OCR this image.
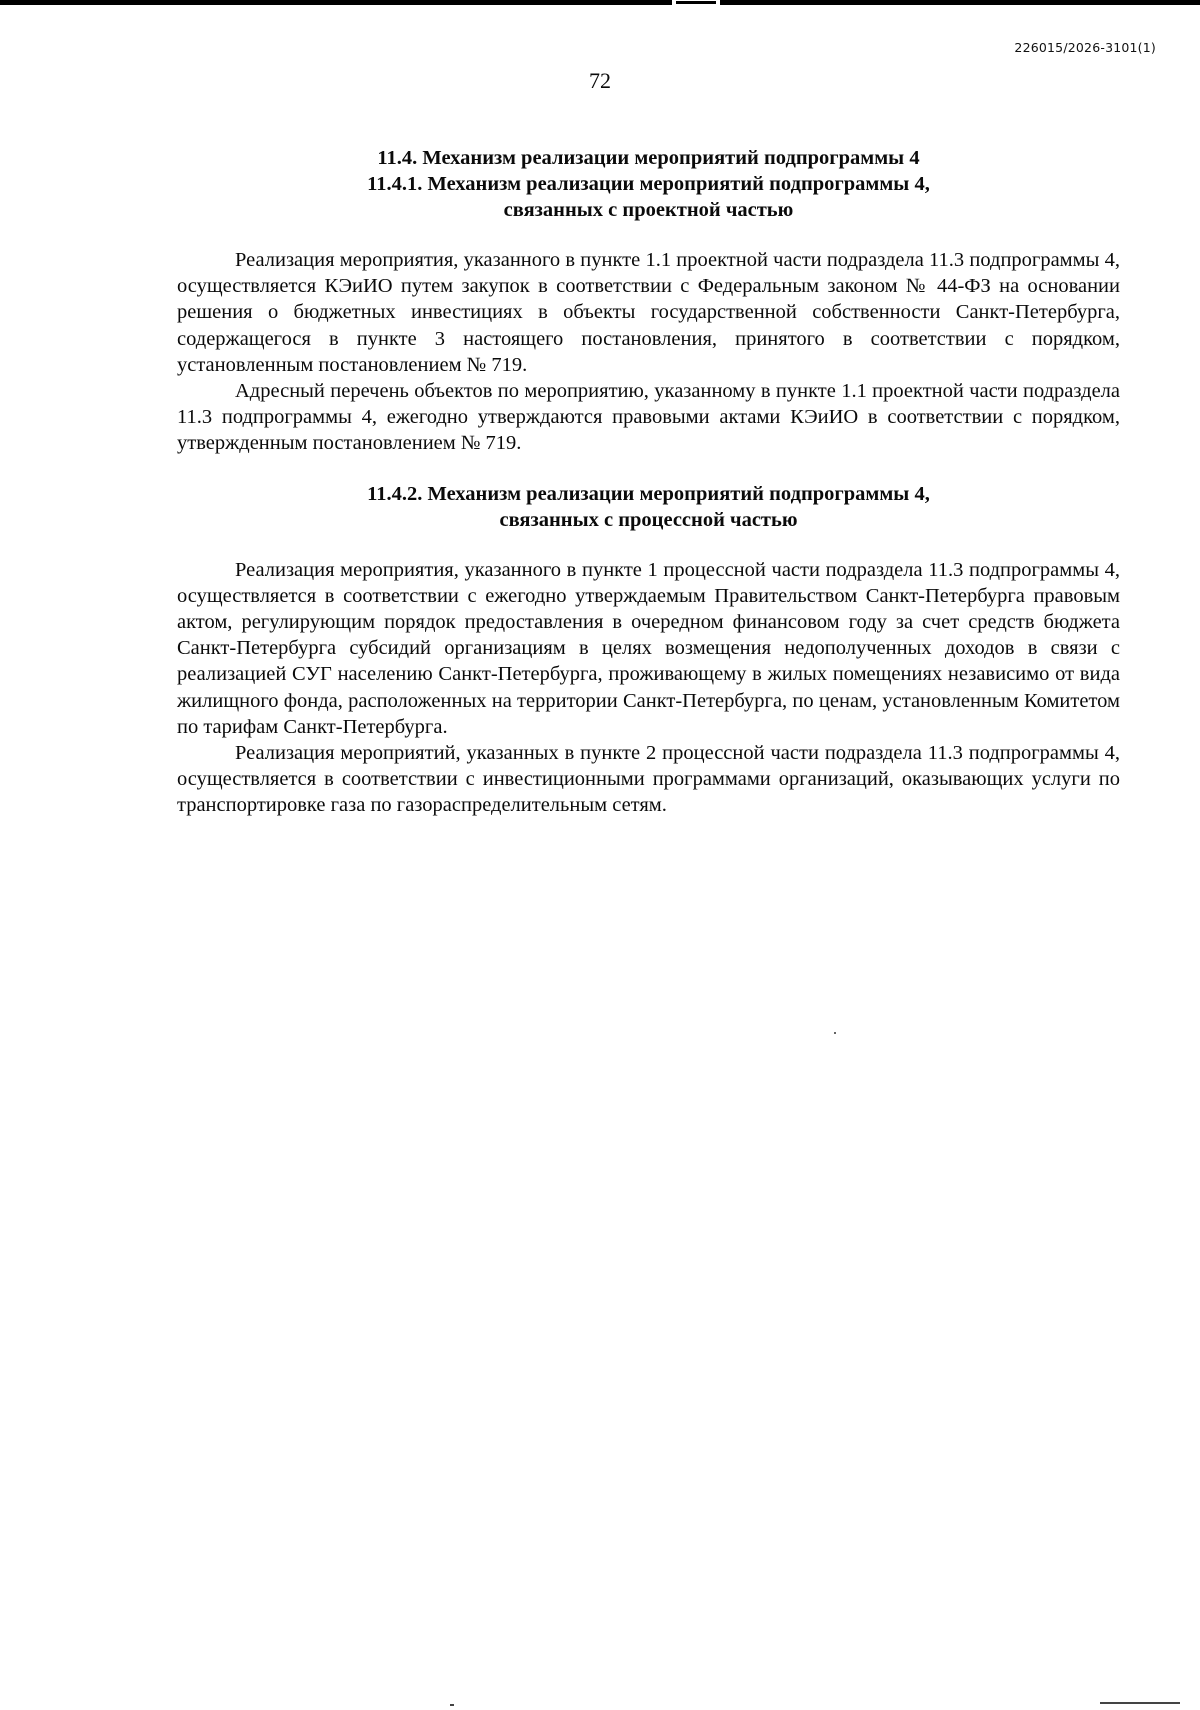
226015/2026-3101(1)
72
11.4. Механизм реализации мероприятий подпрограммы 4
11.4.1. Механизм реализации мероприятий подпрограммы 4,
связанных с проектной частью

Реализация мероприятия, указанного в пункте 1.1 проектной части подраздела 11.3 подпрограммы 4, осуществляется КЭиИО путем закупок в соответствии с Федеральным законом № 44-ФЗ на основании решения о бюджетных инвестициях в объекты государственной собственности Санкт-Петербурга, содержащегося в пункте 3 настоящего постановления, принятого в соответствии с порядком, установленным постановлением № 719.

Адресный перечень объектов по мероприятию, указанному в пункте 1.1 проектной части подраздела 11.3 подпрограммы 4, ежегодно утверждаются правовыми актами КЭиИО в соответствии с порядком, утвержденным постановлением № 719.

11.4.2. Механизм реализации мероприятий подпрограммы 4,
связанных с процессной частью

Реализация мероприятия, указанного в пункте 1 процессной части подраздела 11.3 подпрограммы 4, осуществляется в соответствии с ежегодно утверждаемым Правительством Санкт-Петербурга правовым актом, регулирующим порядок предоставления в очередном финансовом году за счет средств бюджета Санкт-Петербурга субсидий организациям в целях возмещения недополученных доходов в связи с реализацией СУГ населению Санкт-Петербурга, проживающему в жилых помещениях независимо от вида жилищного фонда, расположенных на территории Санкт-Петербурга, по ценам, установленным Комитетом по тарифам Санкт-Петербурга.

Реализация мероприятий, указанных в пункте 2 процессной части подраздела 11.3 подпрограммы 4, осуществляется в соответствии с инвестиционными программами организаций, оказывающих услуги по транспортировке газа по газораспределительным сетям.
